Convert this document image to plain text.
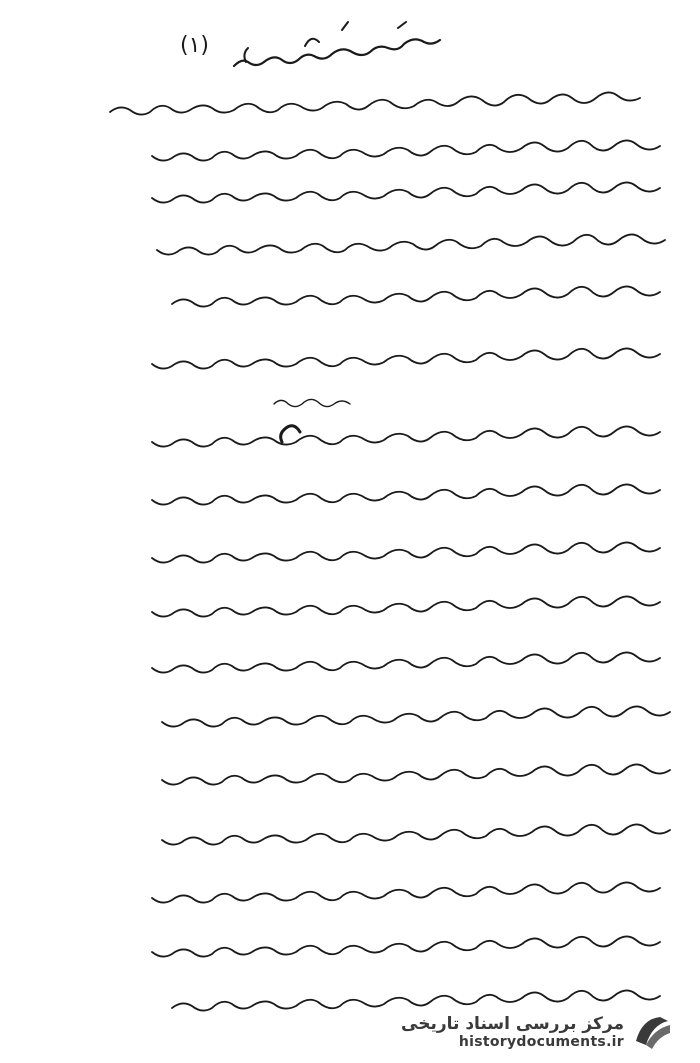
(۱)
مرکز بررسی اسناد تاریخی
historydocuments.ir
